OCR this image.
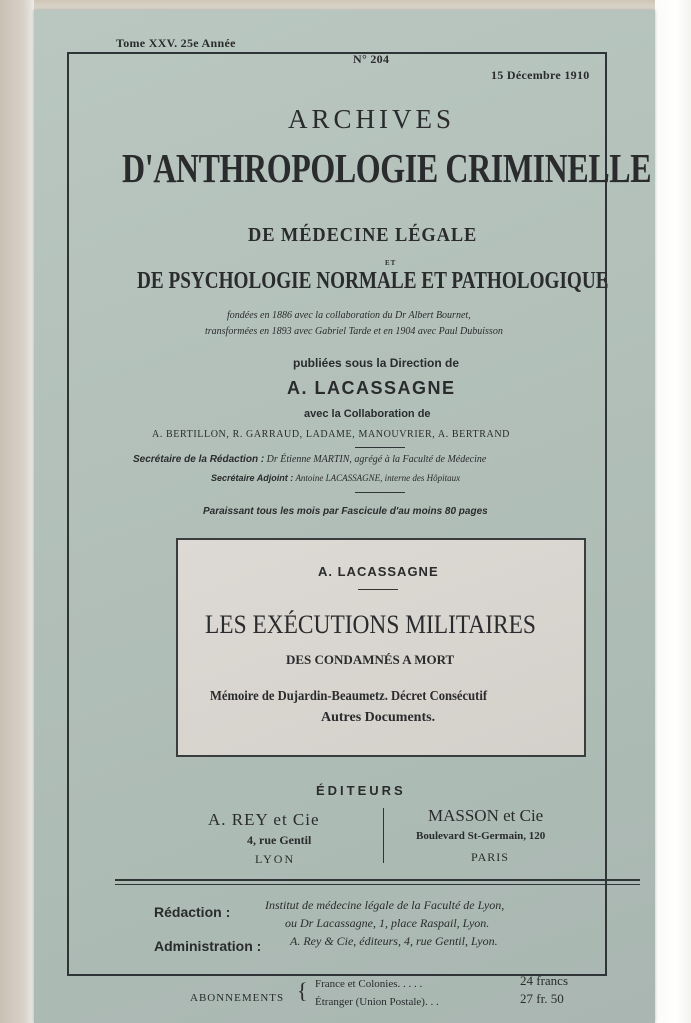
Tome XXV. 25e Année
N° 204
15 Décembre 1910
ARCHIVES
D'ANTHROPOLOGIE CRIMINELLE
DE MÉDECINE LÉGALE
ET
DE PSYCHOLOGIE NORMALE ET PATHOLOGIQUE
fondées en 1886 avec la collaboration du Dr Albert Bournet,
transformées en 1893 avec Gabriel Tarde et en 1904 avec Paul Dubuisson
publiées sous la Direction de
A. LACASSAGNE
avec la Collaboration de
A. BERTILLON, R. GARRAUD, LADAME, MANOUVRIER, A. BERTRAND
Secrétaire de la Rédaction : Dr Étienne MARTIN, agrégé à la Faculté de Médecine
Secrétaire Adjoint : Antoine LACASSAGNE, interne des Hôpitaux
Paraissant tous les mois par Fascicule d'au moins 80 pages
A. LACASSAGNE
LES EXÉCUTIONS MILITAIRES
DES CONDAMNÉS A MORT
Mémoire de Dujardin-Beaumetz. Décret Consécutif
Autres Documents.
ÉDITEURS
A. REY et Cie
4, rue Gentil
LYON
MASSON et Cie
Boulevard St-Germain, 120
PARIS
Rédaction :	Institut de médecine légale de la Faculté de Lyon,
ou Dr Lacassagne, 1, place Raspail, Lyon.
Administration : A. Rey & Cie, éditeurs, 4, rue Gentil, Lyon.
ABONNEMENTS { France et Colonies. . . . .
Étranger (Union Postale). . .
24 francs
27 fr. 50
